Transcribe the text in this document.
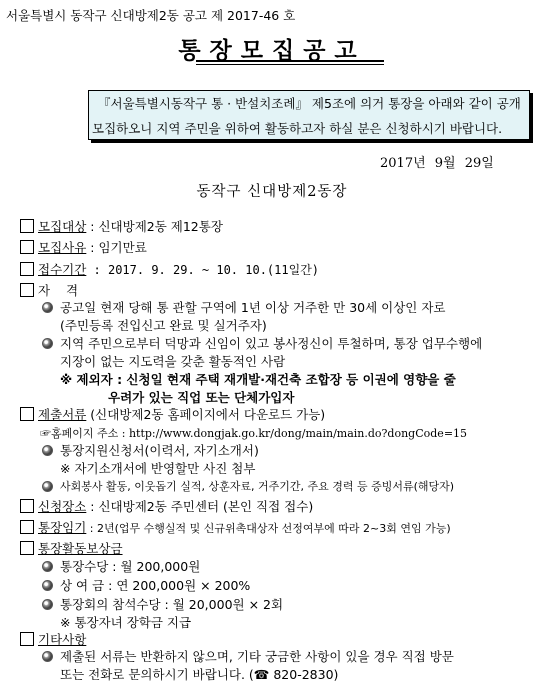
서울특별시 동작구 신대방제2동 공고 제 2017-46 호
통장모집공고
『서울특별시동작구 통 · 반설치조례』 제5조에 의거 통장을 아래와 같이 공개
모집하오니 지역 주민을 위하여 활동하고자 하실 분은 신청하시기 바랍니다.
2017년 9월 29일
동작구 신대방제2동장
모집대상 : 신대방제2동 제12통장
모집사유 : 임기만료
접수기간 : 2017. 9. 29. ~ 10. 10.(11일간)
자    격
공고일 현재 당해 통 관할 구역에 1년 이상 거주한 만 30세 이상인 자로
(주민등록 전입신고 완료 및 실거주자)
지역 주민으로부터 덕망과 신임이 있고 봉사정신이 투철하며, 통장 업무수행에
지장이 없는 지도력을 갖춘 활동적인 사람
※ 제외자 : 신청일 현재 주택 재개발·재건축 조합장 등 이권에 영향을 줄
우려가 있는 직업 또는 단체가입자
제출서류 (신대방제2동 홈페이지에서 다운로드 가능)
☞홈페이지 주소 : http://www.dongjak.go.kr/dong/main/main.do?dongCode=15
통장지원신청서(이력서, 자기소개서)
※ 자기소개서에 반영할만 사진 첨부
사회봉사 활동, 이웃돕기 실적, 상훈자료, 거주기간, 주요 경력 등 증빙서류(해당자)
신청장소 : 신대방제2동 주민센터 (본인 직접 접수)
통장임기 : 2년(업무 수행실적 및 신규위촉대상자 선정여부에 따라 2~3회 연임 가능)
통장활동보상금
통장수당 : 월 200,000원
상 여 금 : 연 200,000원 × 200%
통장회의 참석수당 : 월 20,000원 × 2회
※ 통장자녀 장학금 지급
기타사항
제출된 서류는 반환하지 않으며, 기타 궁금한 사항이 있을 경우 직접 방문
또는 전화로 문의하시기 바랍니다. (☎ 820-2830)
